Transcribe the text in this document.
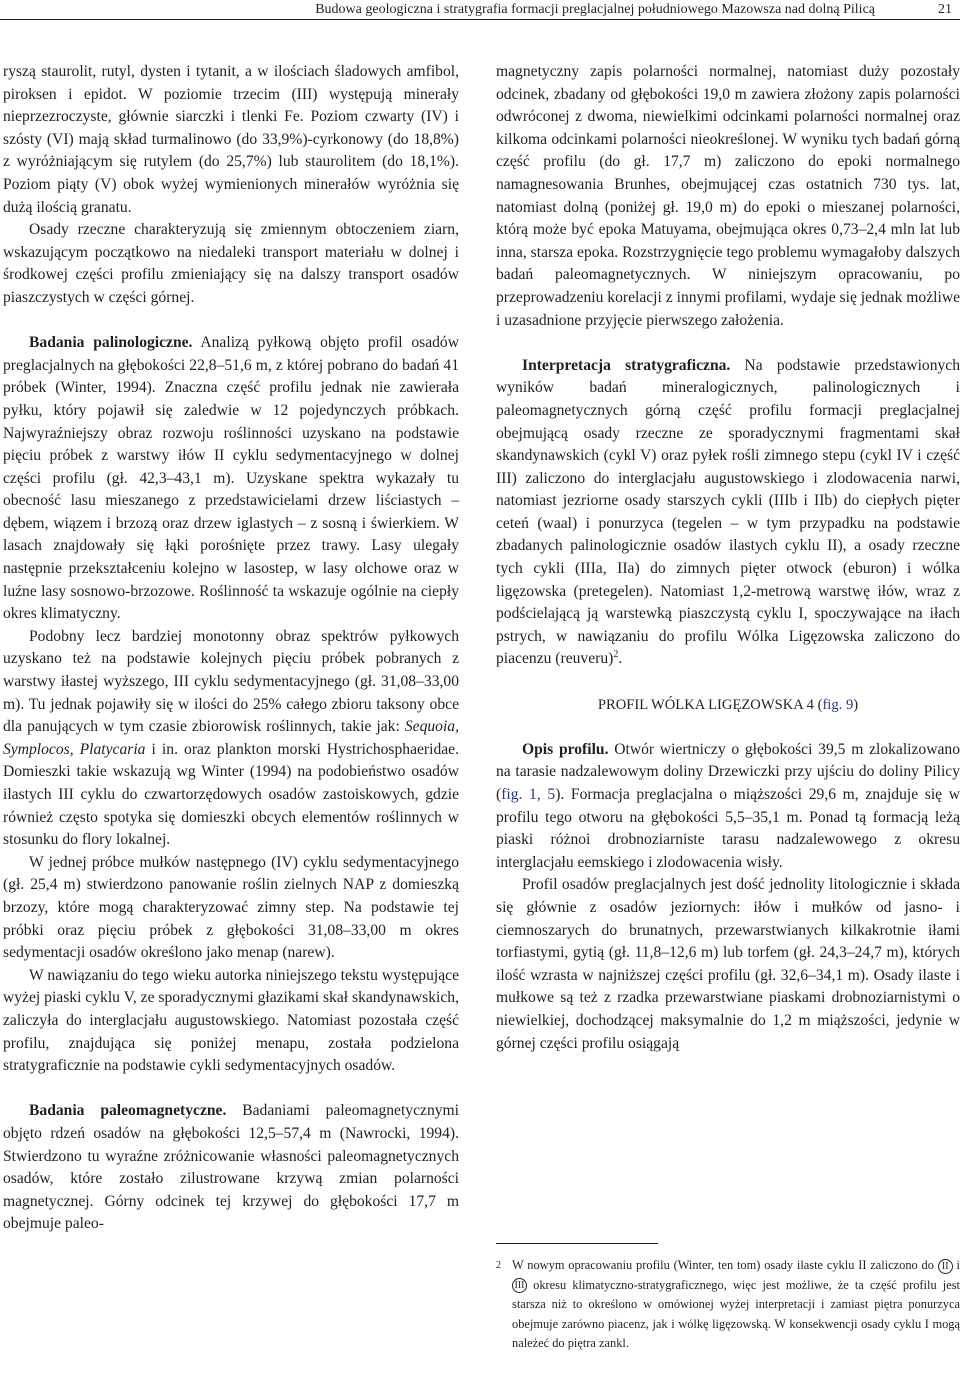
Budowa geologiczna i stratygrafia formacji preglacjalnej południowego Mazowsza nad dolną Pilicą	21

ryszą staurolit, rutyl, dysten i tytanit, a w ilościach śladowych amfibol, piroksen i epidot. W poziomie trzecim (III) występują minerały nieprzezroczyste, głównie siarczki i tlenki Fe. Poziom czwarty (IV) i szósty (VI) mają skład turmalinowo (do 33,9%)-cyrkonowy (do 18,8%) z wyróżniającym się rutylem (do 25,7%) lub staurolitem (do 18,1%). Poziom piąty (V) obok wyżej wymienionych minerałów wyróżnia się dużą ilością granatu.

Osady rzeczne charakteryzują się zmiennym obtoczeniem ziarn, wskazującym początkowo na niedaleki transport materiału w dolnej i środkowej części profilu zmieniający się na dalszy transport osadów piaszczystych w części górnej.

Badania palinologiczne. Analizą pyłkową objęto profil osadów preglacjalnych na głębokości 22,8–51,6 m, z której pobrano do badań 41 próbek (Winter, 1994). Znaczna część profilu jednak nie zawierała pyłku, który pojawił się zaledwie w 12 pojedynczych próbkach. Najwyraźniejszy obraz rozwoju roślinności uzyskano na podstawie pięciu próbek z warstwy iłów II cyklu sedymentacyjnego w dolnej części profilu (gł. 42,3–43,1 m). Uzyskane spektra wykazały tu obecność lasu mieszanego z przedstawicielami drzew liściastych – dębem, wiązem i brzozą oraz drzew iglastych – z sosną i świerkiem. W lasach znajdowały się łąki porośnięte przez trawy. Lasy ulegały następnie przekształceniu kolejno w lasostep, w lasy olchowe oraz w luźne lasy sosnowo-brzozowe. Roślinność ta wskazuje ogólnie na ciepły okres klimatyczny.

Podobny lecz bardziej monotonny obraz spektrów pyłkowych uzyskano też na podstawie kolejnych pięciu próbek pobranych z warstwy iłastej wyższego, III cyklu sedymentacyjnego (gł. 31,08–33,00 m). Tu jednak pojawiły się w ilości do 25% całego zbioru taksony obce dla panujących w tym czasie zbiorowisk roślinnych, takie jak: Sequoia, Symplocos, Platycaria i in. oraz plankton morski Hystrichosphaeridae. Domieszki takie wskazują wg Winter (1994) na podobieństwo osadów ilastych III cyklu do czwartorzędowych osadów zastoiskowych, gdzie również często spotyka się domieszki obcych elementów roślinnych w stosunku do flory lokalnej.

W jednej próbce mułków następnego (IV) cyklu sedymentacyjnego (gł. 25,4 m) stwierdzono panowanie roślin zielnych NAP z domieszką brzozy, które mogą charakteryzować zimny step. Na podstawie tej próbki oraz pięciu próbek z głębokości 31,08–33,00 m okres sedymentacji osadów określono jako menap (narew).

W nawiązaniu do tego wieku autorka niniejszego tekstu występujące wyżej piaski cyklu V, ze sporadycznymi głazikami skał skandynawskich, zaliczyła do interglacjału augustowskiego. Natomiast pozostała część profilu, znajdująca się poniżej menapu, została podzielona stratygraficznie na podstawie cykli sedymentacyjnych osadów.

Badania paleomagnetyczne. Badaniami paleomagnetycznymi objęto rdzeń osadów na głębokości 12,5–57,4 m (Nawrocki, 1994). Stwierdzono tu wyraźne zróżnicowanie własności paleomagnetycznych osadów, które zostało zilustrowane krzywą zmian polarności magnetycznej. Górny odcinek tej krzywej do głębokości 17,7 m obejmuje paleo-

magnetyczny zapis polarności normalnej, natomiast duży pozostały odcinek, zbadany od głębokości 19,0 m zawiera złożony zapis polarności odwróconej z dwoma, niewielkimi odcinkami polarności normalnej oraz kilkoma odcinkami polarności nieokreślonej. W wyniku tych badań górną część profilu (do gł. 17,7 m) zaliczono do epoki normalnego namagnesowania Brunhes, obejmującej czas ostatnich 730 tys. lat, natomiast dolną (poniżej gł. 19,0 m) do epoki o mieszanej polarności, którą może być epoka Matuyama, obejmująca okres 0,73–2,4 mln lat lub inna, starsza epoka. Rozstrzygnięcie tego problemu wymagałoby dalszych badań paleomagnetycznych. W niniejszym opracowaniu, po przeprowadzeniu korelacji z innymi profilami, wydaje się jednak możliwe i uzasadnione przyjęcie pierwszego założenia.

Interpretacja stratygraficzna. Na podstawie przedstawionych wyników badań mineralogicznych, palinologicznych i paleomagnetycznych górną część profilu formacji preglacjalnej obejmującą osady rzeczne ze sporadycznymi fragmentami skał skandynawskich (cykl V) oraz pyłek rośli zimnego stepu (cykl IV i część III) zaliczono do interglacjału augustowskiego i zlodowacenia narwi, natomiast jezriorne osady starszych cykli (IIIb i IIb) do ciepłych pięter ceteń (waal) i ponurzyca (tegelen – w tym przypadku na podstawie zbadanych palinologicznie osadów ilastych cyklu II), a osady rzeczne tych cykli (IIIa, IIa) do zimnych pięter otwock (eburon) i wólka ligęzowska (pretegelen). Natomiast 1,2-metrową warstwę iłów, wraz z podścielającą ją warstewką piaszczystą cyklu I, spoczywające na iłach pstrych, w nawiązaniu do profilu Wólka Ligęzowska zaliczono do piacenzu (reuveru)$^2$.

PROFIL WÓLKA LIGĘZOWSKA 4 (fig. 9)

Opis profilu. Otwór wiertniczy o głębokości 39,5 m zlokalizowano na tarasie nadzalewowym doliny Drzewiczki przy ujściu do doliny Pilicy (fig. 1, 5). Formacja preglacjalna o miąższości 29,6 m, znajduje się w profilu tego otworu na głębokości 5,5–35,1 m. Ponad tą formacją leżą piaski różnoi drobnoziarniste tarasu nadzalewowego z okresu interglacjału eemskiego i zlodowacenia wisły.

Profil osadów preglacjalnych jest dość jednolity litologicznie i składa się głównie z osadów jeziornych: iłów i mułków od jasno- i ciemnoszarych do brunatnych, przewarstwianych kilkakrotnie iłami torfiastymi, gytią (gł. 11,8–12,6 m) lub torfem (gł. 24,3–24,7 m), których ilość wzrasta w najniższej części profilu (gł. 32,6–34,1 m). Osady ilaste i mułkowe są też z rzadka przewarstwiane piaskami drobnoziarnistymi o niewielkiej, dochodzącej maksymalnie do 1,2 m miąższości, jedynie w górnej części profilu osiągają

2 W nowym opracowaniu profilu (Winter, ten tom) osady ilaste cyklu II zaliczono do II i III okresu klimatyczno-stratygraficznego, więc jest możliwe, że ta część profilu jest starsza niż to określono w omówionej wyżej interpretacji i zamiast piętra ponurzyca obejmuje zarówno piacenz, jak i wólkę ligęzowską. W konsekwencji osady cyklu I mogą należeć do piętra zankl.
